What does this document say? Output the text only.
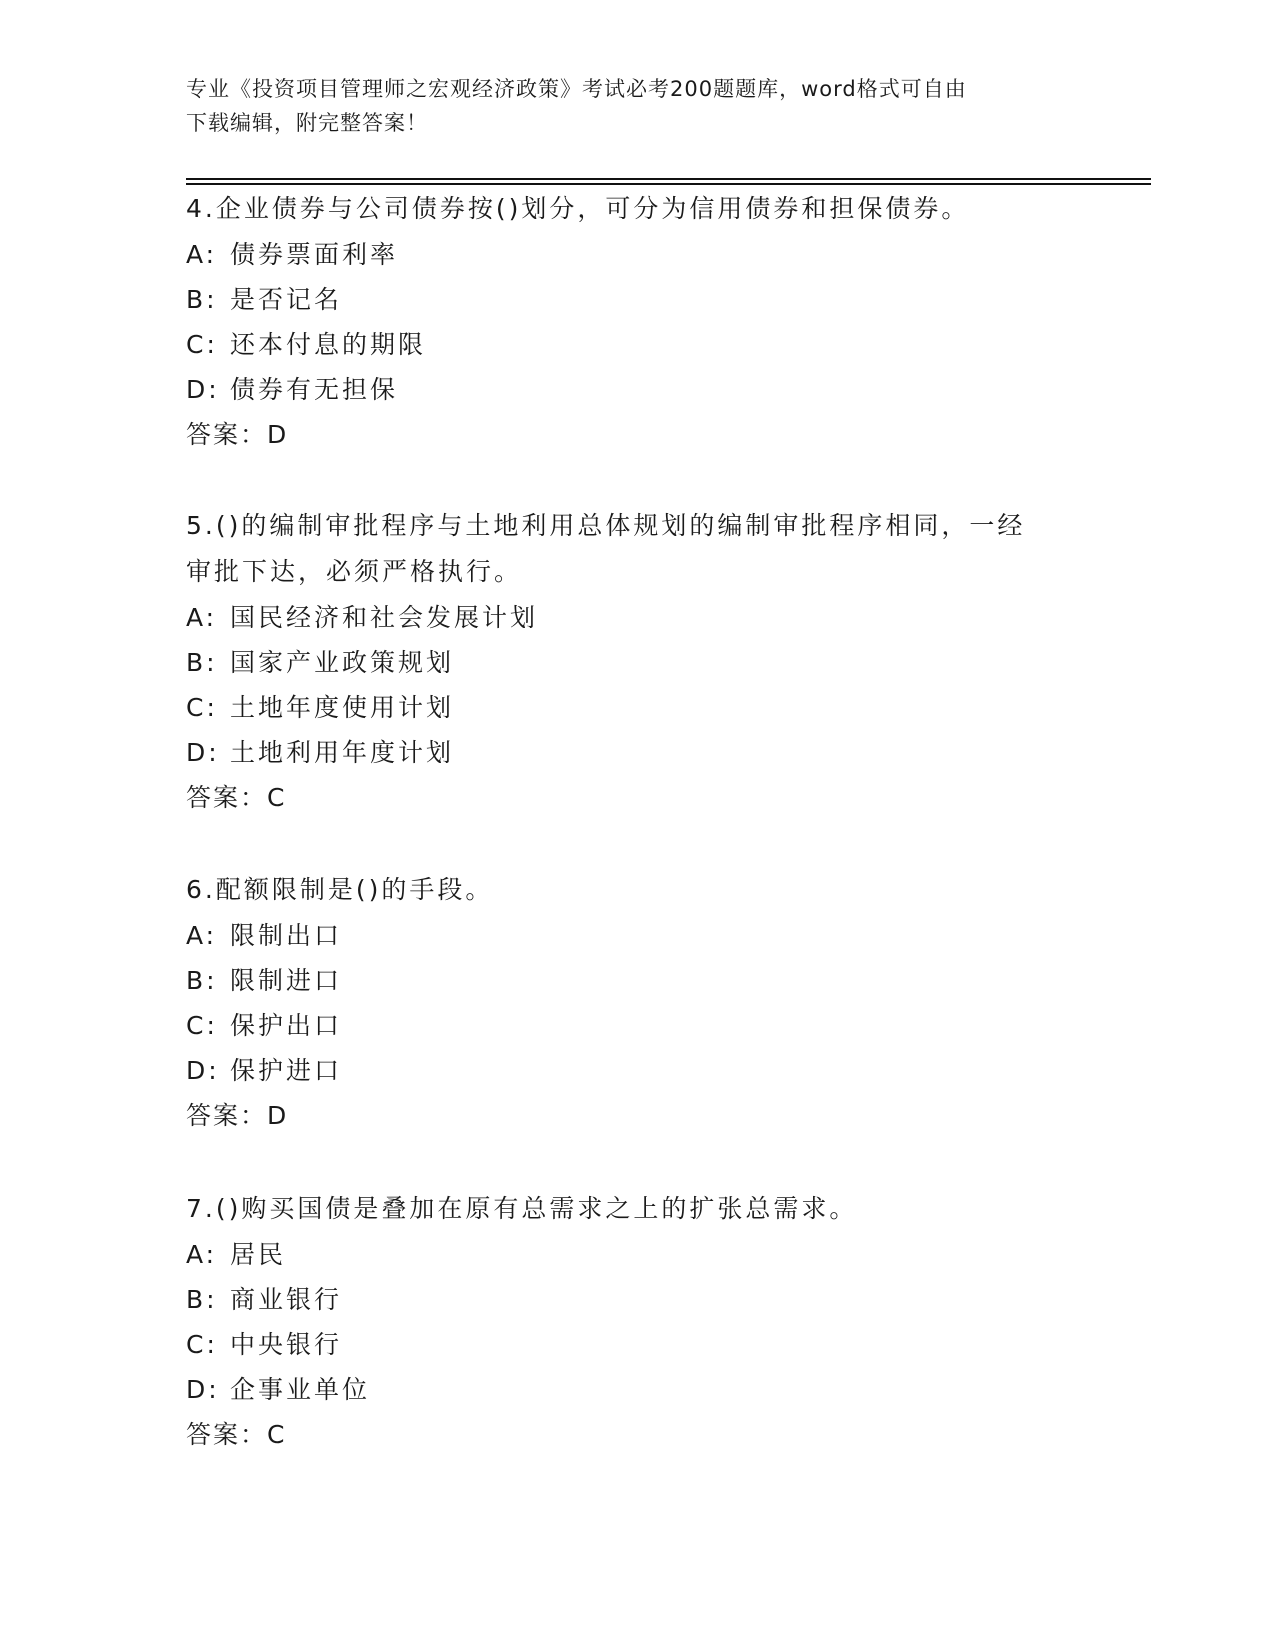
专业《投资项目管理师之宏观经济政策》考试必考200题题库，word格式可自由
下载编辑，附完整答案！
4.企业债券与公司债券按()划分，可分为信用债券和担保债券。
A: 债券票面利率
B: 是否记名
C: 还本付息的期限
D: 债券有无担保
答案：D
5.()的编制审批程序与土地利用总体规划的编制审批程序相同，一经审批下达，必须严格执行。
A: 国民经济和社会发展计划
B: 国家产业政策规划
C: 土地年度使用计划
D: 土地利用年度计划
答案：C
6.配额限制是()的手段。
A: 限制出口
B: 限制进口
C: 保护出口
D: 保护进口
答案：D
7.()购买国债是叠加在原有总需求之上的扩张总需求。
A: 居民
B: 商业银行
C: 中央银行
D: 企事业单位
答案：C
